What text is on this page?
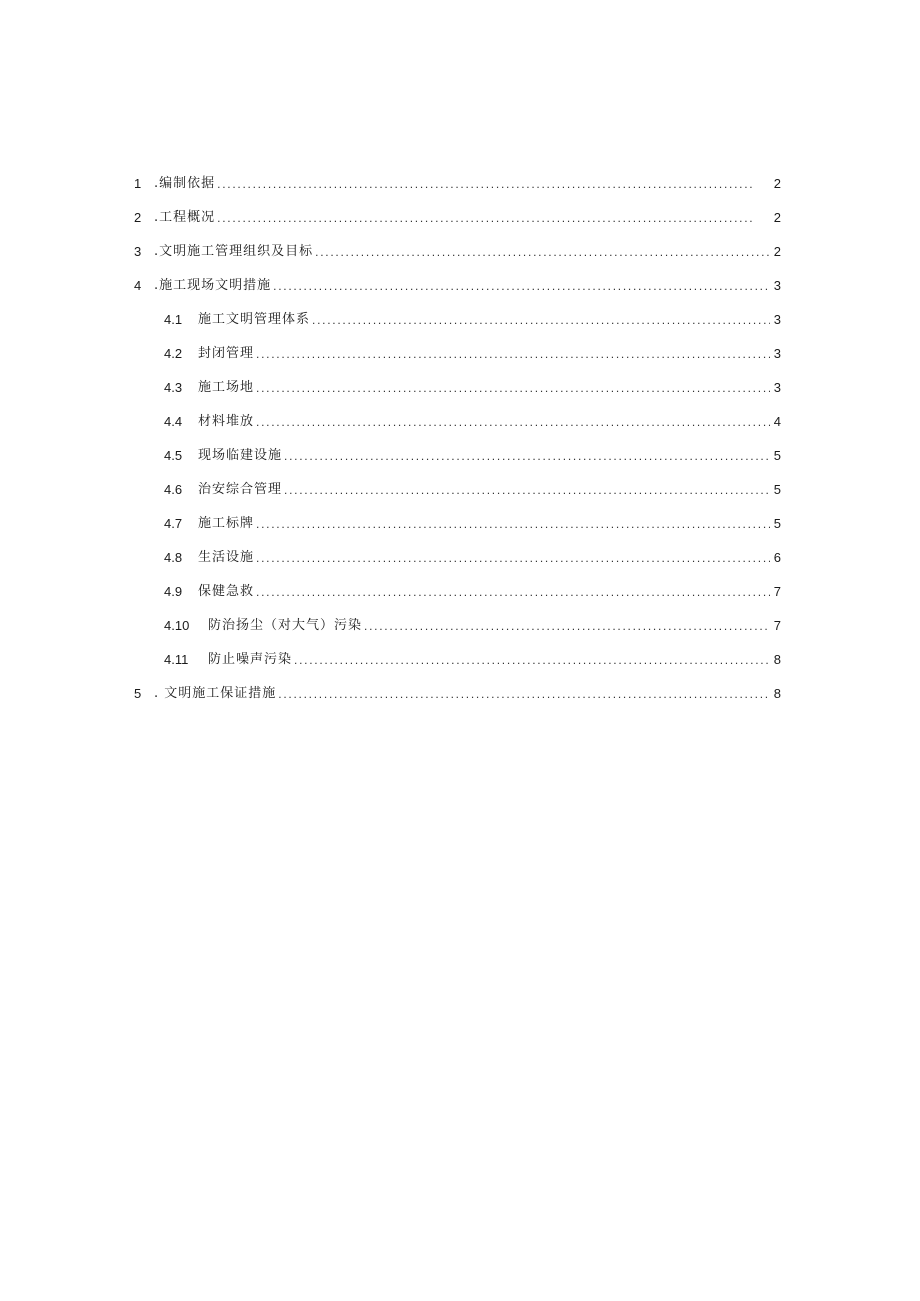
1 .编制依据 . . .	2
2 .工程概况 . . .	2
3 .文明施工管理组织及目标 . . .	2
4 .施工现场文明措施 . . .	3
4.1	施工文明管理体系 . . .	3
4.2	封闭管理 . . .	3
4.3	施工场地 . . .	3
4.4	材料堆放 . . .	4
4.5	现场临建设施 . . .	5
4.6	治安综合管理 . . .	5
4.7	施工标牌 . . .	5
4.8	生活设施 . . .	6
4.9	保健急救 . . .	7
4.10	防治扬尘（对大气）污染 . . .	7
4.11	防止噪声污染 . . .	8
5 . 文明施工保证措施 . . .	8
